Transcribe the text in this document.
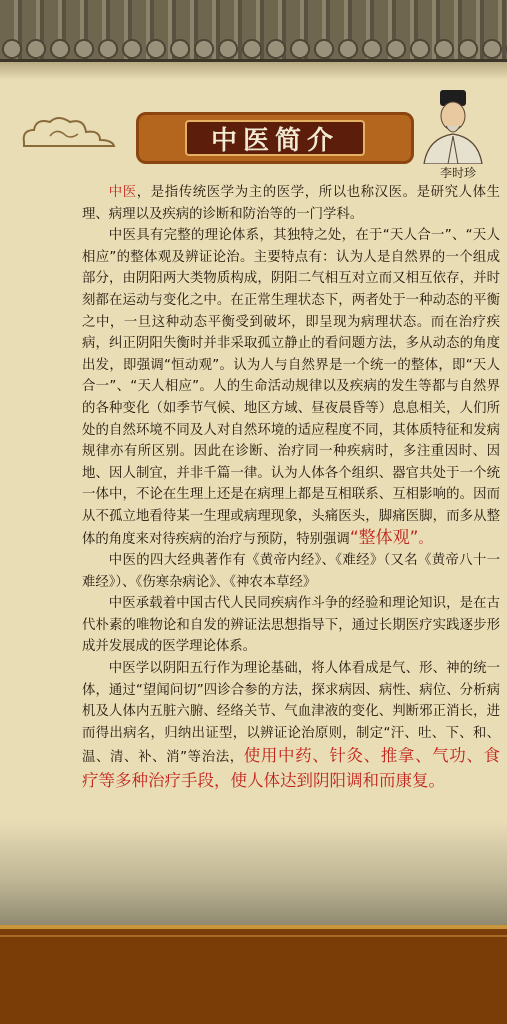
中医简介
李时珍

中医，是指传统医学为主的医学，所以也称汉医。是研究人体生理、病理以及疾病的诊断和防治等的一门学科。

中医具有完整的理论体系，其独特之处，在于“天人合一”、“天人相应”的整体观及辨证论治。主要特点有：认为人是自然界的一个组成部分，由阴阳两大类物质构成，阴阳二气相互对立而又相互依存，并时刻都在运动与变化之中。在正常生理状态下，两者处于一种动态的平衡之中，一旦这种动态平衡受到破坏，即呈现为病理状态。而在治疗疾病，纠正阴阳失衡时并非采取孤立静止的看问题方法，多从动态的角度出发，即强调“恒动观”。认为人与自然界是一个统一的整体，即“天人合一”、“天人相应”。人的生命活动规律以及疾病的发生等都与自然界的各种变化（如季节气候、地区方域、昼夜晨昏等）息息相关，人们所处的自然环境不同及人对自然环境的适应程度不同，其体质特征和发病规律亦有所区别。因此在诊断、治疗同一种疾病时，多注重因时、因地、因人制宜，并非千篇一律。认为人体各个组织、器官共处于一个统一体中，不论在生理上还是在病理上都是互相联系、互相影响的。因而从不孤立地看待某一生理或病理现象，头痛医头，脚痛医脚，而多从整体的角度来对待疾病的治疗与预防，特别强调“整体观”。

中医的四大经典著作有《黄帝内经》、《难经》（又名《黄帝八十一难经》）、《伤寒杂病论》、《神农本草经》

中医承载着中国古代人民同疾病作斗争的经验和理论知识，是在古代朴素的唯物论和自发的辨证法思想指导下，通过长期医疗实践逐步形成并发展成的医学理论体系。

中医学以阴阳五行作为理论基础，将人体看成是气、形、神的统一体，通过“望闻问切”四诊合参的方法，探求病因、病性、病位、分析病机及人体内五脏六腑、经络关节、气血津液的变化、判断邪正消长，进而得出病名，归纳出证型，以辨证论治原则，制定“汗、吐、下、和、温、清、补、消”等治法，使用中药、针灸、推拿、气功、食疗等多种治疗手段，使人体达到阴阳调和而康复。
